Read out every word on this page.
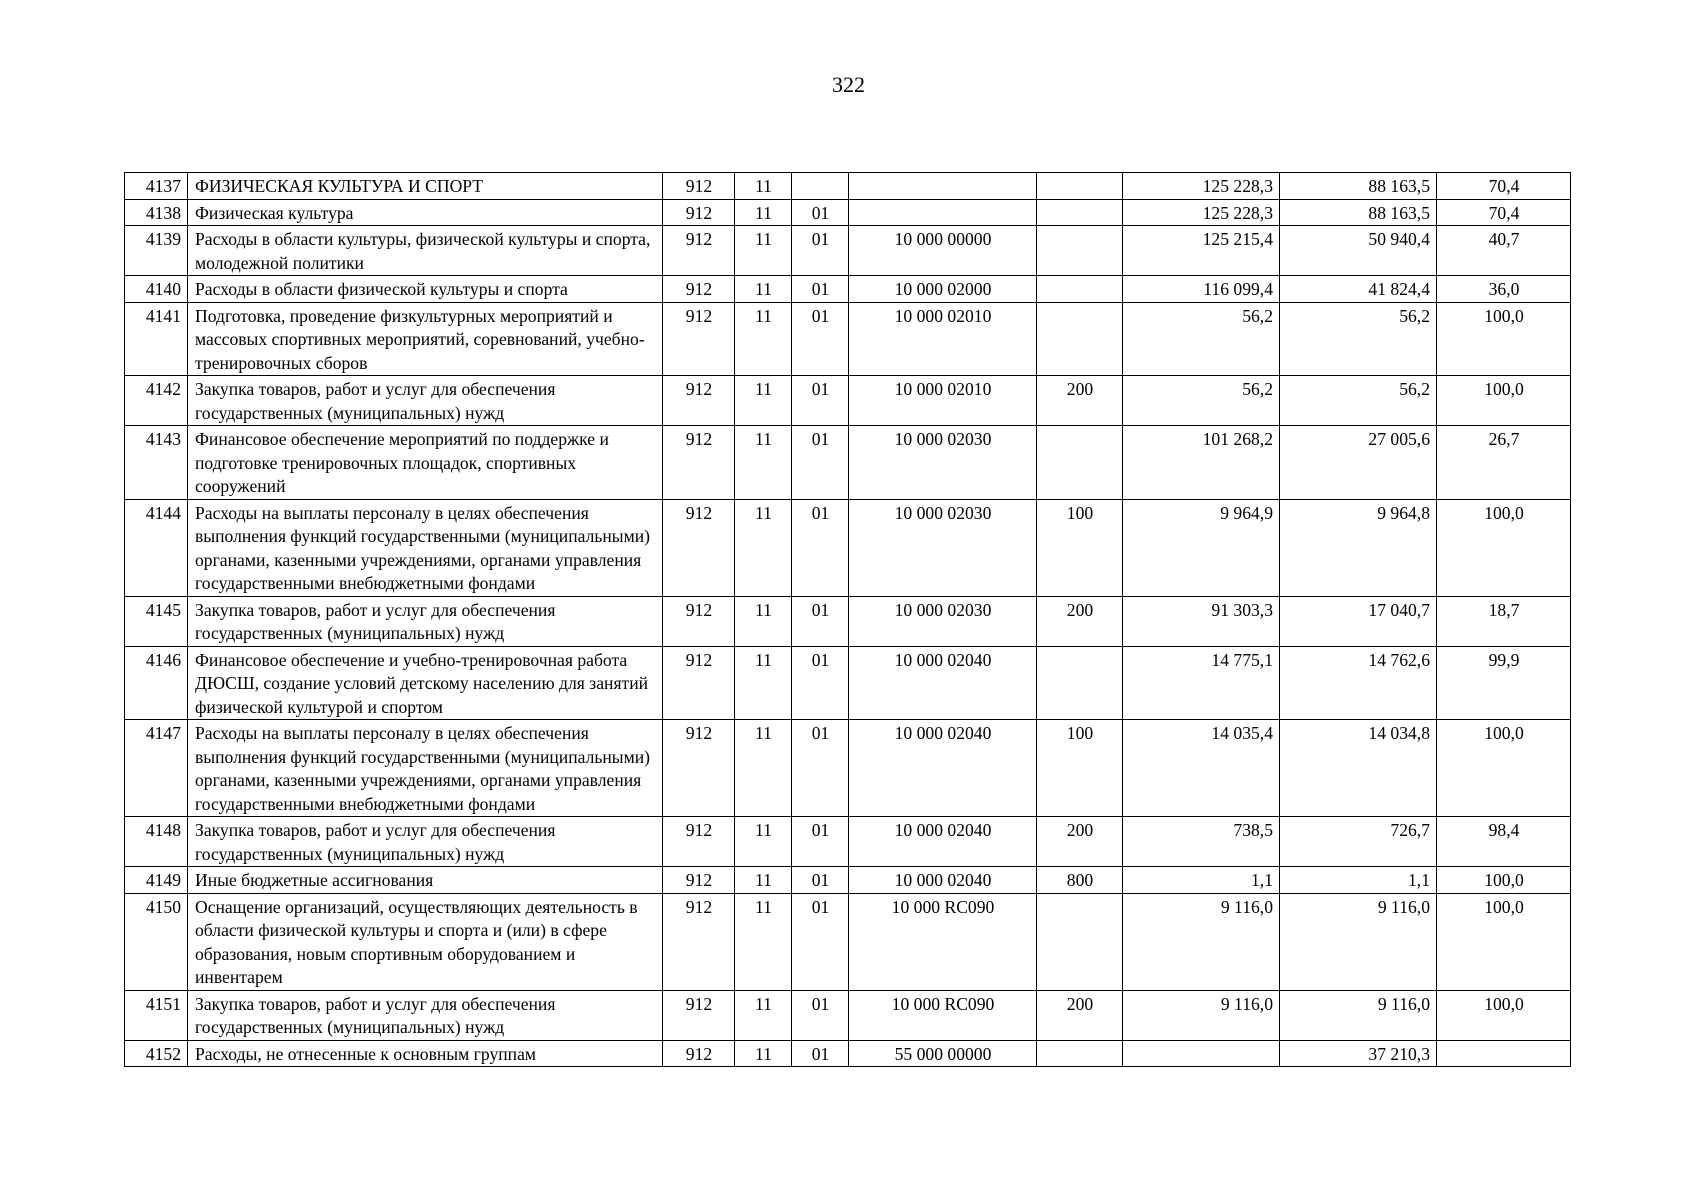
322
4137	ФИЗИЧЕСКАЯ КУЛЬТУРА И СПОРТ	912	11				125 228,3	88 163,5	70,4
4138	Физическая культура	912	11	01			125 228,3	88 163,5	70,4
4139	Расходы в области культуры, физической культуры и спорта, молодежной политики	912	11	01	10 000 00000		125 215,4	50 940,4	40,7
4140	Расходы в области физической культуры и спорта	912	11	01	10 000 02000		116 099,4	41 824,4	36,0
4141	Подготовка, проведение физкультурных мероприятий и массовых спортивных мероприятий, соревнований, учебно-тренировочных сборов	912	11	01	10 000 02010		56,2	56,2	100,0
4142	Закупка товаров, работ и услуг для обеспечения государственных (муниципальных) нужд	912	11	01	10 000 02010	200	56,2	56,2	100,0
4143	Финансовое обеспечение мероприятий по поддержке и подготовке тренировочных площадок, спортивных сооружений	912	11	01	10 000 02030		101 268,2	27 005,6	26,7
4144	Расходы на выплаты персоналу в целях обеспечения выполнения функций государственными (муниципальными) органами, казенными учреждениями, органами управления государственными внебюджетными фондами	912	11	01	10 000 02030	100	9 964,9	9 964,8	100,0
4145	Закупка товаров, работ и услуг для обеспечения государственных (муниципальных) нужд	912	11	01	10 000 02030	200	91 303,3	17 040,7	18,7
4146	Финансовое обеспечение и учебно-тренировочная работа ДЮСШ, создание условий детскому населению для занятий физической культурой и спортом	912	11	01	10 000 02040		14 775,1	14 762,6	99,9
4147	Расходы на выплаты персоналу в целях обеспечения выполнения функций государственными (муниципальными) органами, казенными учреждениями, органами управления государственными внебюджетными фондами	912	11	01	10 000 02040	100	14 035,4	14 034,8	100,0
4148	Закупка товаров, работ и услуг для обеспечения государственных (муниципальных) нужд	912	11	01	10 000 02040	200	738,5	726,7	98,4
4149	Иные бюджетные ассигнования	912	11	01	10 000 02040	800	1,1	1,1	100,0
4150	Оснащение организаций, осуществляющих деятельность в области физической культуры и спорта и (или) в сфере образования, новым спортивным оборудованием и инвентарем	912	11	01	10 000 RC090		9 116,0	9 116,0	100,0
4151	Закупка товаров, работ и услуг для обеспечения государственных (муниципальных) нужд	912	11	01	10 000 RC090	200	9 116,0	9 116,0	100,0
4152	Расходы, не отнесенные к основным группам	912	11	01	55 000 00000			37 210,3	
